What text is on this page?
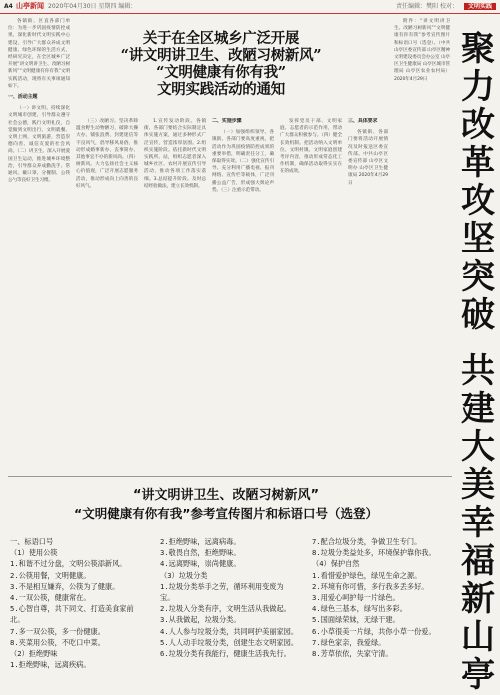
A4 山亭新闻 2020年04月30日 星期四 编辑：	责任编辑：樊阳 校对： 文明实践

各镇街、区直各部门单位：为进一步巩固疫情防控成果，深化新时代文明实践中心建设，引导广大群众养成文明健康、绿色环保的生活方式，经研究决定，在全区城乡广泛开展“讲文明讲卫生、改陋习树新风”“文明健康有你有我”文明实践活动，现将有关事项通知如下。

一、活动主题

（一）讲文明。持续深化文明城市创建，引导群众遵守社会公德，践行文明礼仪，自觉做到文明出行、文明就餐、文明上网、文明旅游，营造崇德向善、诚信友爱的社会风尚。（二）讲卫生。深入开展爱国卫生运动，推进城乡环境整治，引导群众养成勤洗手、常通风、戴口罩、分餐制、公筷公勺等良好卫生习惯。

（三）改陋习。坚决革除滥食野生动物陋习，破除大操大办、铺张浪费、封建迷信等不良风气，倡导移风易俗，推动形成婚事新办、丧事简办、其他事宜不办的新风尚。（四）树新风。大力弘扬社会主义核心价值观，广泛开展志愿服务活动，推动形成向上向善的良好风气。

1.宣传发动阶段。各镇街、各部门要结合实际制定具体实施方案，通过多种形式广泛宣传，营造浓厚氛围。2.组织实施阶段。依托新时代文明实践所、站，组织志愿者深入城乡社区、农村开展宣传引导活动，推动各项工作落实落细。3.总结提升阶段。及时总结经验做法，建立长效机制。

二、实施步骤

（一）加强组织领导。各镇街、各部门要高度重视，把活动作为巩固疫情防控成果的重要举措，明确责任分工，确保取得实效。（二）强化宣传引导。充分利用广播电视、报刊网络、宣传栏等载体，广泛刊播公益广告，形成强大舆论声势。（三）注重示范带动。

发挥党员干部、文明家庭、志愿者的示范作用，带动广大群众积极参与。（四）健全长效机制。把活动纳入文明单位、文明村镇、文明家庭创建考评内容，推动形成常态化工作机制，确保活动取得实实在在的成效。

三、具体要求

各镇街、各部门要将活动开展情况及时报送区委宣传部。中共山亭区委宣传部 山亭区文明办 山亭区卫生健康局 2020年4月29日

附件：“讲文明讲卫生、改陋习树新风”“文明健康有你有我”参考宣传图片和标语口号（选登）。（中共山亭区委宣传部 山亭区精神文明建设委员会办公室 山亭区卫生健康局 山亭区城市管理局 山亭区农业农村局）2020年4月29日

关于在全区城乡广泛开展
“讲文明讲卫生、改陋习树新风”
“文明健康有你有我”
文明实践活动的通知
聚
力
改
革
攻
坚
突
破
共
建
大
美
幸
福
新
山
亭
“讲文明讲卫生、改陋习树新风”
“文明健康有你有我”参考宣传图片和标语口号（选登）
一、标语口号
（1）使用公筷
1.和谐不过分盘，文明公筷添新风。
2.公筷用餐，文明健康。
3.不是相互嫌弃，公筷为了健康。
4.一双公筷，健康常在。
5.心智自尊，共下同文、打造美食家前
北。
7.多一双公筷，多一份健康。
8.夹菜用公筷，不吃口中菜。
（2）拒绝野味
1.拒绝野味，远离疾病。
2.拒绝野味，远离病毒。
3.敬畏自然，拒绝野味。
4.远离野味，崇尚健康。
（3）垃圾分类
1.垃圾分类举手之劳，循环利用变废为
宝。
2.垃圾入分类有序，文明生活从我做起。
3.从我做起，垃圾分类。
4.人人参与垃圾分类，共同呵护美丽家园。
5.人人动手垃圾分类，创建生态文明家园。
6.垃圾分类有我能行，健康生活我先行。
7.配合垃圾分类，争做卫生专门。
8.垃圾分类益处多，环境保护靠你我。
（4）保护自然
1.看惜爱护绿色，绿见生命之源。
2.环境有你可惜，多行我多丢多好。
3.用爱心呵护每一片绿色。
4.绿色三基本，绿写出多彩。
5.国面绿荣妹，无绿干建。
6.小草很美一片绿，共你小草一份爱。
7.绿色家亲，我爱绿。
8.芳草依依，失家守清。
